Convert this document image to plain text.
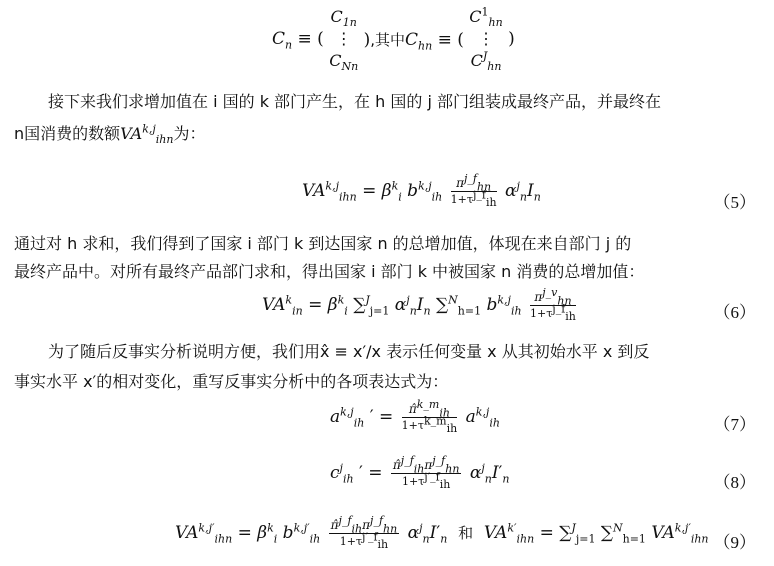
$C_n$ ≡ (
$C_{1n}$
⋮
$C_{Nn}$
),其中$C_{hn}$ ≡ (
$C^1_{hn}$
⋮
$C^J_{hn}$
)
接下来我们求增加值在 i 国的 k 部门产生，在 h 国的 j 部门组装成最终产品，并最终在
n国消费的数额VA$^{k,j}_{ihn}$为：
$VA^{k,j}_{ihn} = \beta^k_i$ $b^{k,j}_{ih} \frac{\pi^{j\_f}_{hn}}{1+\tau^{j\_f}_{ih}} \alpha^j_nI_n$	（5）
通过对 h 求和，我们得到了国家 i 部门 k 到达国家 n 的总增加值，体现在来自部门 j 的
最终产品中。对所有最终产品部门求和，得出国家 i 部门 k 中被国家 n 消费的总增加值：
$VA^k_{in} = \beta^k_i$ ∑$^J_{j=1}$ $\alpha^j_nI_n$ ∑$^N_{h=1}$ $b^{k,j}_{ih} \frac{\pi^{j\_v}_{hn}}{1+\tau^{j\_f}_{ih}}$	（6）
为了随后反事实分析说明方便，我们用x̂ ≡ x′/x 表示任何变量 x 从其初始水平 x 到反
事实水平 x′的相对变化，重写反事实分析中的各项表达式为：
$a^{k,j}_{ih}$ ′ = $\frac{\pî^{k\_m}_{ih}}{1+\tau^{k\_m}_{ih}} a^{k,j}_{ih}$	（7）
$c^j_{ih}$ ′ = $\frac{\pî^{j\_f}_{ih}\pi^{j\_f}_{hn}}{1+\tau^{j'\_f}_{ih}} \alpha^j_nI'_n$	（8）
$VA^{k,j'}_{ihn} = \beta^k_i$ $b^{k,j'}_{ih} \frac{\pî^{j\_f}_{ih}\pi^{j\_f}_{hn}}{1+\tau^{j'\_f}_{ih}} \alpha^j_nI'_n$ 和 $VA^{k'}_{ihn} = \sum^J_{j=1}$ ∑$^N_{h=1}$ $VA^{k,j'}_{ihn}$ （9）
